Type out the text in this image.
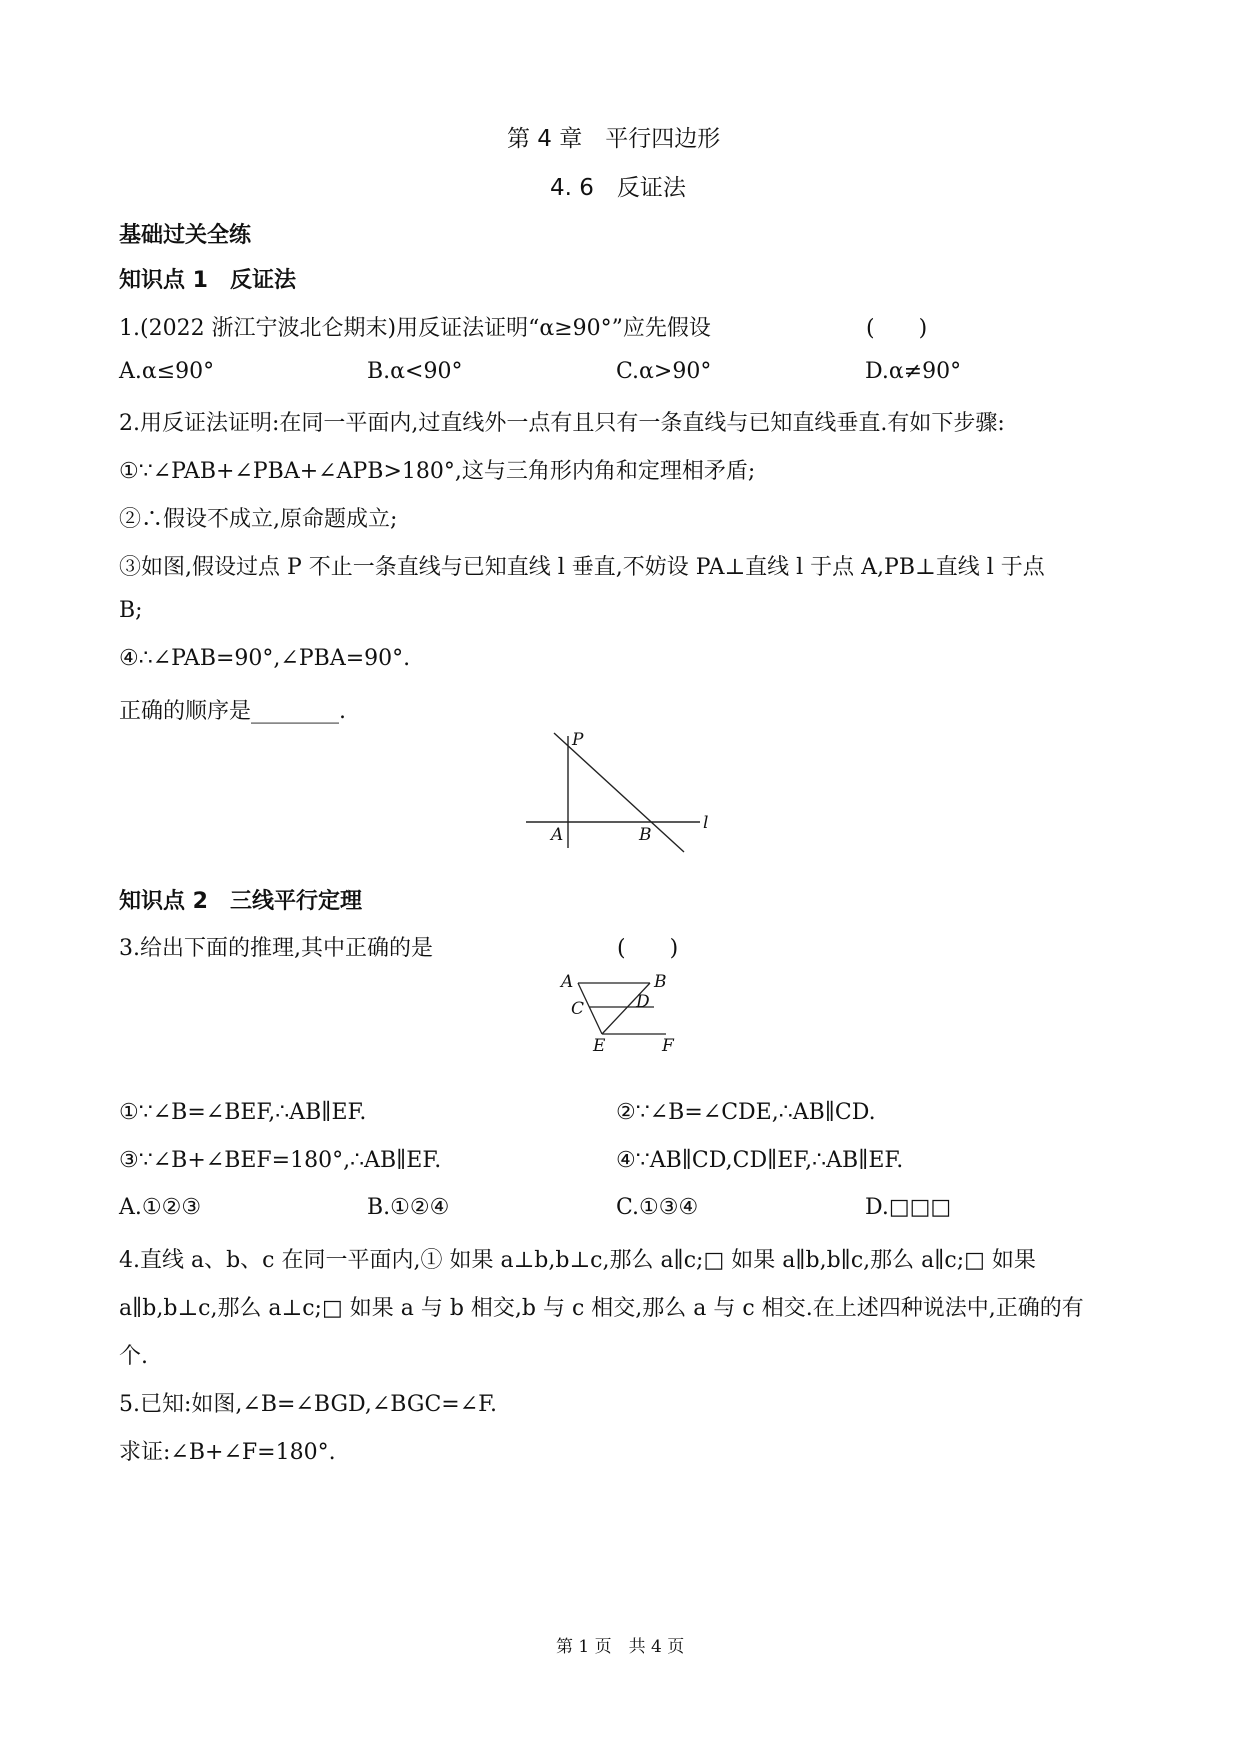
第 4 章　平行四边形
4. 6　反证法
基础过关全练
知识点 1　反证法
1.(2022 浙江宁波北仑期末)用反证法证明“α≥90°”应先假设	(　　)
A.α≤90°	B.α<90°	C.α>90°	D.α≠90°
2.用反证法证明:在同一平面内,过直线外一点有且只有一条直线与已知直线垂直.有如下步骤:
①∵∠PAB+∠PBA+∠APB>180°,这与三角形内角和定理相矛盾;
②∴假设不成立,原命题成立;
③如图,假设过点 P 不止一条直线与已知直线 l 垂直,不妨设 PA⊥直线 l 于点 A,PB⊥直线 l 于点
B;
④∴∠PAB=90°,∠PBA=90°.
正确的顺序是________.
P
A	B
l
知识点 2　三线平行定理
3.给出下面的推理,其中正确的是	(　　)
A	B
C	D
E	F
①∵∠B=∠BEF,∴AB∥EF.	②∵∠B=∠CDE,∴AB∥CD.
③∵∠B+∠BEF=180°,∴AB∥EF.	④∵AB∥CD,CD∥EF,∴AB∥EF.
A.①②③	B.①②④	C.①③④	D.□□□
4.直线 a、b、c 在同一平面内,① 如果 a⊥b,b⊥c,那么 a∥c;□ 如果 a∥b,b∥c,那么 a∥c;□ 如果
a∥b,b⊥c,那么 a⊥c;□ 如果 a 与 b 相交,b 与 c 相交,那么 a 与 c 相交.在上述四种说法中,正确的有
个.
5.已知:如图,∠B=∠BGD,∠BGC=∠F.
求证:∠B+∠F=180°.
第 1 页　共 4 页
